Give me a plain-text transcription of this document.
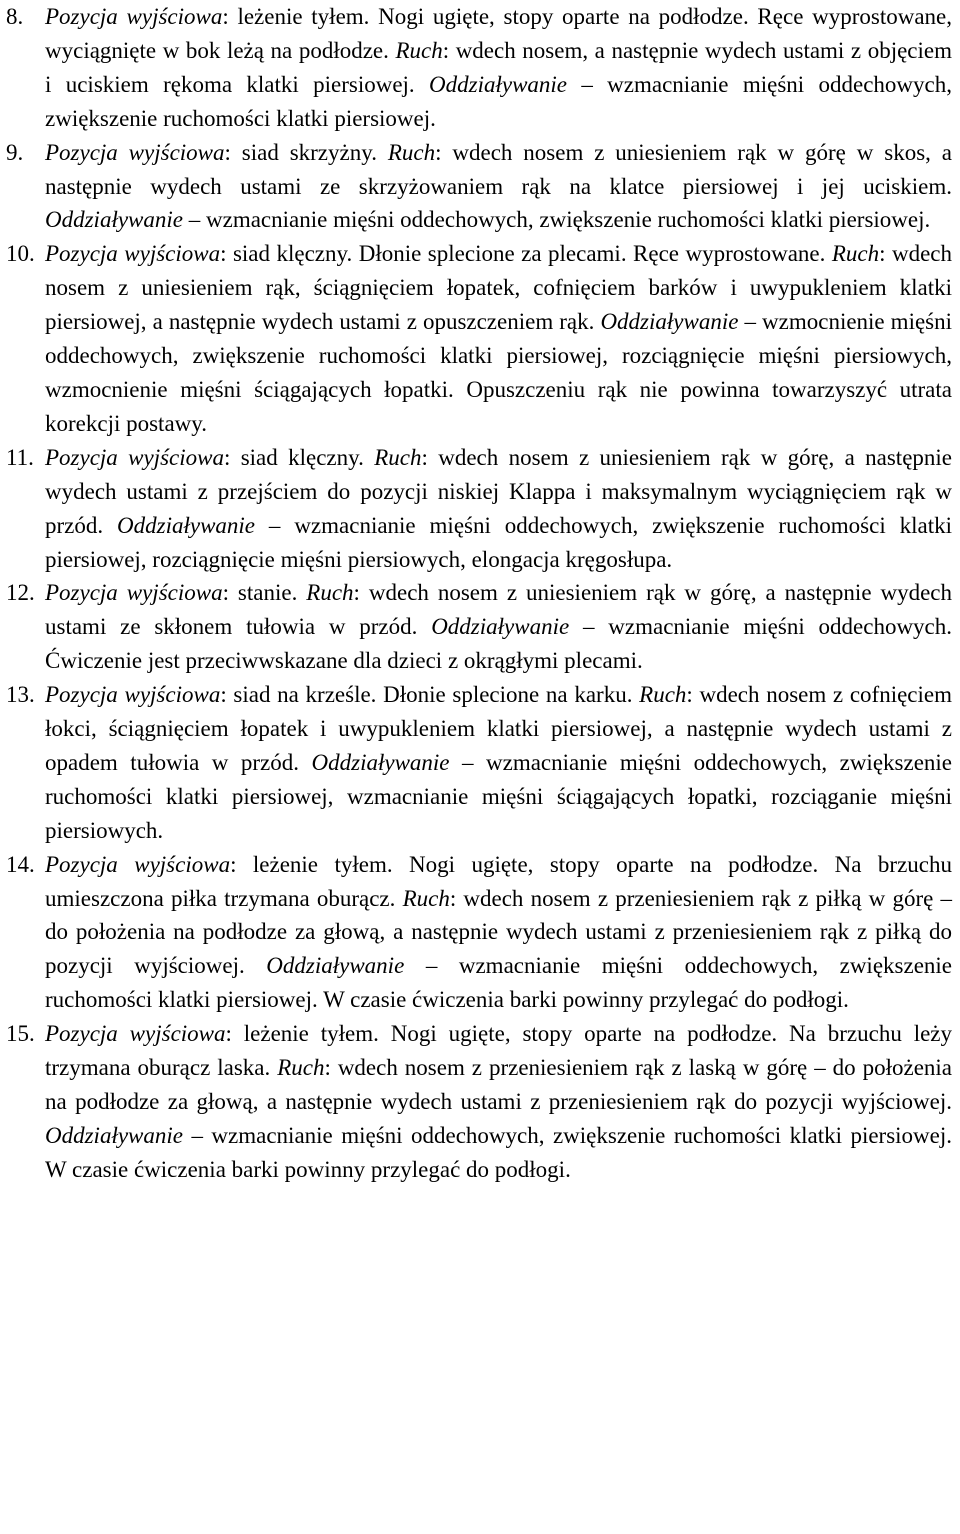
8. Pozycja wyjściowa: leżenie tyłem. Nogi ugięte, stopy oparte na podłodze. Ręce wyprostowane, wyciągnięte w bok leżą na podłodze. Ruch: wdech nosem, a następnie wydech ustami z objęciem i uciskiem rękoma klatki piersiowej. Oddziaływanie – wzmacnianie mięśni oddechowych, zwiększenie ruchomości klatki piersiowej.
9. Pozycja wyjściowa: siad skrzyżny. Ruch: wdech nosem z uniesieniem rąk w górę w skos, a następnie wydech ustami ze skrzyżowaniem rąk na klatce piersiowej i jej uciskiem. Oddziaływanie – wzmacnianie mięśni oddechowych, zwiększenie ruchomości klatki piersiowej.
10. Pozycja wyjściowa: siad klęczny. Dłonie splecione za plecami. Ręce wyprostowane. Ruch: wdech nosem z uniesieniem rąk, ściągnięciem łopatek, cofnięciem barków i uwypukleniem klatki piersiowej, a następnie wydech ustami z opuszczeniem rąk. Oddziaływanie – wzmocnienie mięśni oddechowych, zwiększenie ruchomości klatki piersiowej, rozciągnięcie mięśni piersiowych, wzmocnienie mięśni ściągających łopatki. Opuszczeniu rąk nie powinna towarzyszyć utrata korekcji postawy.
11. Pozycja wyjściowa: siad klęczny. Ruch: wdech nosem z uniesieniem rąk w górę, a następnie wydech ustami z przejściem do pozycji niskiej Klappa i maksymalnym wyciągnięciem rąk w przód. Oddziaływanie – wzmacnianie mięśni oddechowych, zwiększenie ruchomości klatki piersiowej, rozciągnięcie mięśni piersiowych, elongacja kręgosłupa.
12. Pozycja wyjściowa: stanie. Ruch: wdech nosem z uniesieniem rąk w górę, a następnie wydech ustami ze skłonem tułowia w przód. Oddziaływanie – wzmacnianie mięśni oddechowych. Ćwiczenie jest przeciwwskazane dla dzieci z okrągłymi plecami.
13. Pozycja wyjściowa: siad na krześle. Dłonie splecione na karku. Ruch: wdech nosem z cofnięciem łokci, ściągnięciem łopatek i uwypukleniem klatki piersiowej, a następnie wydech ustami z opadem tułowia w przód. Oddziaływanie – wzmacnianie mięśni oddechowych, zwiększenie ruchomości klatki piersiowej, wzmacnianie mięśni ściągających łopatki, rozciąganie mięśni piersiowych.
14. Pozycja wyjściowa: leżenie tyłem. Nogi ugięte, stopy oparte na podłodze. Na brzuchu umieszczona piłka trzymana oburącz. Ruch: wdech nosem z przeniesieniem rąk z piłką w górę – do położenia na podłodze za głową, a następnie wydech ustami z przeniesieniem rąk z piłką do pozycji wyjściowej. Oddziaływanie – wzmacnianie mięśni oddechowych, zwiększenie ruchomości klatki piersiowej. W czasie ćwiczenia barki powinny przylegać do podłogi.
15. Pozycja wyjściowa: leżenie tyłem. Nogi ugięte, stopy oparte na podłodze. Na brzuchu leży trzymana oburącz laska. Ruch: wdech nosem z przeniesieniem rąk z laską w górę – do położenia na podłodze za głową, a następnie wydech ustami z przeniesieniem rąk do pozycji wyjściowej. Oddziaływanie – wzmacnianie mięśni oddechowych, zwiększenie ruchomości klatki piersiowej. W czasie ćwiczenia barki powinny przylegać do podłogi.
